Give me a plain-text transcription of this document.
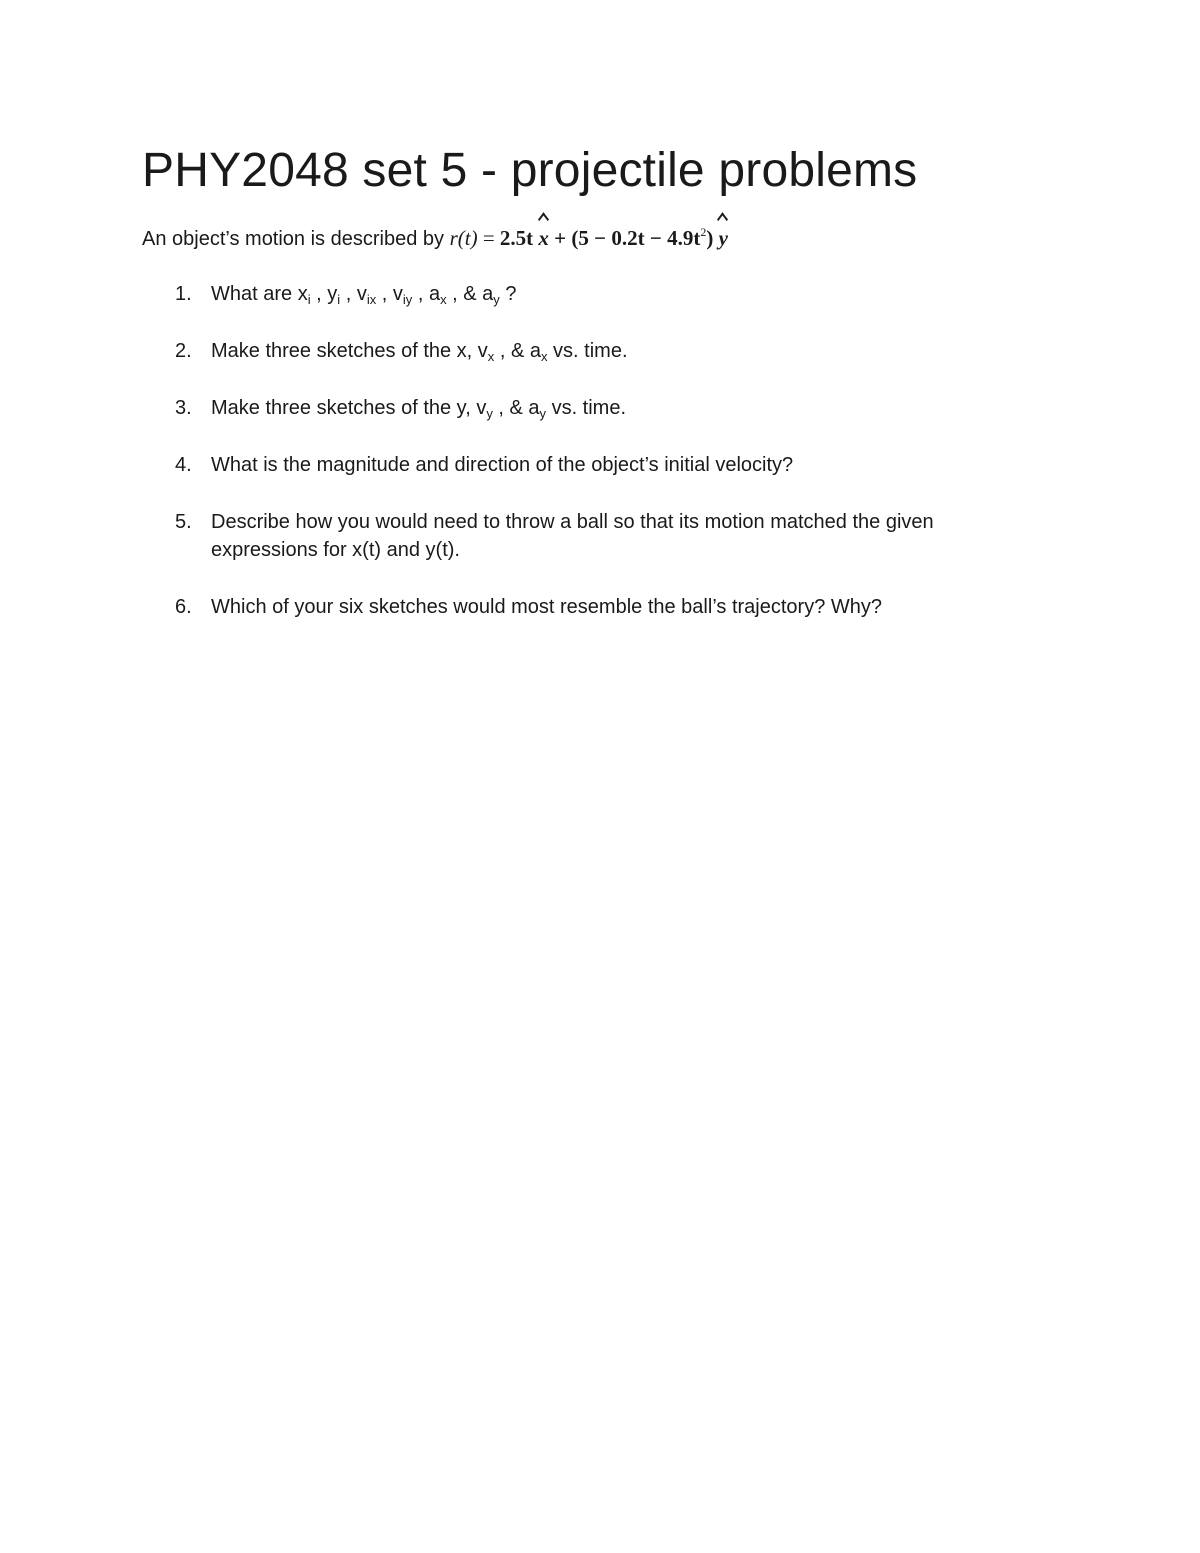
PHY2048 set 5 - projectile problems
An object’s motion is described by r(t) = 2.5t $x + (5 - 0.2t - 4.9t^2)$ y
1. What are $x_i$ , $y_i$ , $v_{ix}$ , $v_{iy}$ , $a_x$ , & $a_y$ ?
2. Make three sketches of the x, $v_x$ , & $a_x$ vs. time.
3. Make three sketches of the y, $v_y$ , & $a_y$ vs. time.
4. What is the magnitude and direction of the object’s initial velocity?
5. Describe how you would need to throw a ball so that its motion matched the given expressions for x(t) and y(t).
6. Which of your six sketches would most resemble the ball’s trajectory? Why?
